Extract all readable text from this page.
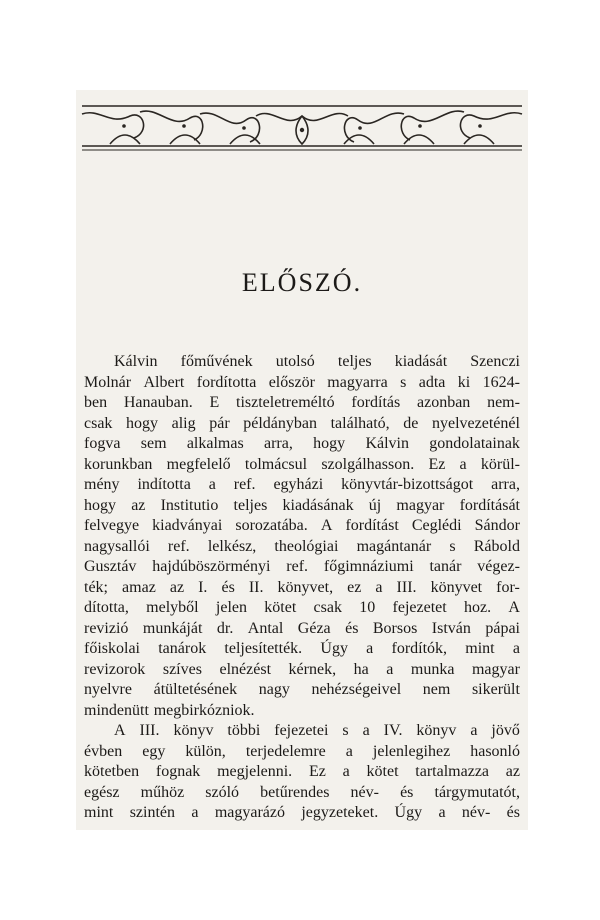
ELŐSZÓ.
Kálvin főművének utolsó teljes kiadását Szenczi
Molnár Albert fordította először magyarra s adta ki 1624-
ben Hanauban. E tiszteletreméltó fordítás azonban nem-
csak hogy alig pár példányban található, de nyelvezeténél
fogva sem alkalmas arra, hogy Kálvin gondolatainak
korunkban megfelelő tolmácsul szolgálhasson. Ez a körül-
mény indította a ref. egyházi könyvtár-bizottságot arra,
hogy az Institutio teljes kiadásának új magyar fordítását
felvegye kiadványai sorozatába. A fordítást Ceglédi Sándor
nagysallói ref. lelkész, theológiai magántanár s Rábold
Gusztáv hajdúböszörményi ref. főgimnáziumi tanár végez-
ték; amaz az I. és II. könyvet, ez a III. könyvet for-
dította, melyből jelen kötet csak 10 fejezetet hoz. A
revizió munkáját dr. Antal Géza és Borsos István pápai
főiskolai tanárok teljesítették. Úgy a fordítók, mint a
revizorok szíves elnézést kérnek, ha a munka magyar
nyelvre átültetésének nagy nehézségeivel nem sikerült
mindenütt megbirkózniok.
A III. könyv többi fejezetei s a IV. könyv a jövő
évben egy külön, terjedelemre a jelenlegihez hasonló
kötetben fognak megjelenni. Ez a kötet tartalmazza az
egész műhöz szóló betűrendes név- és tárgymutatót,
mint szintén a magyarázó jegyzeteket. Úgy a név- és
